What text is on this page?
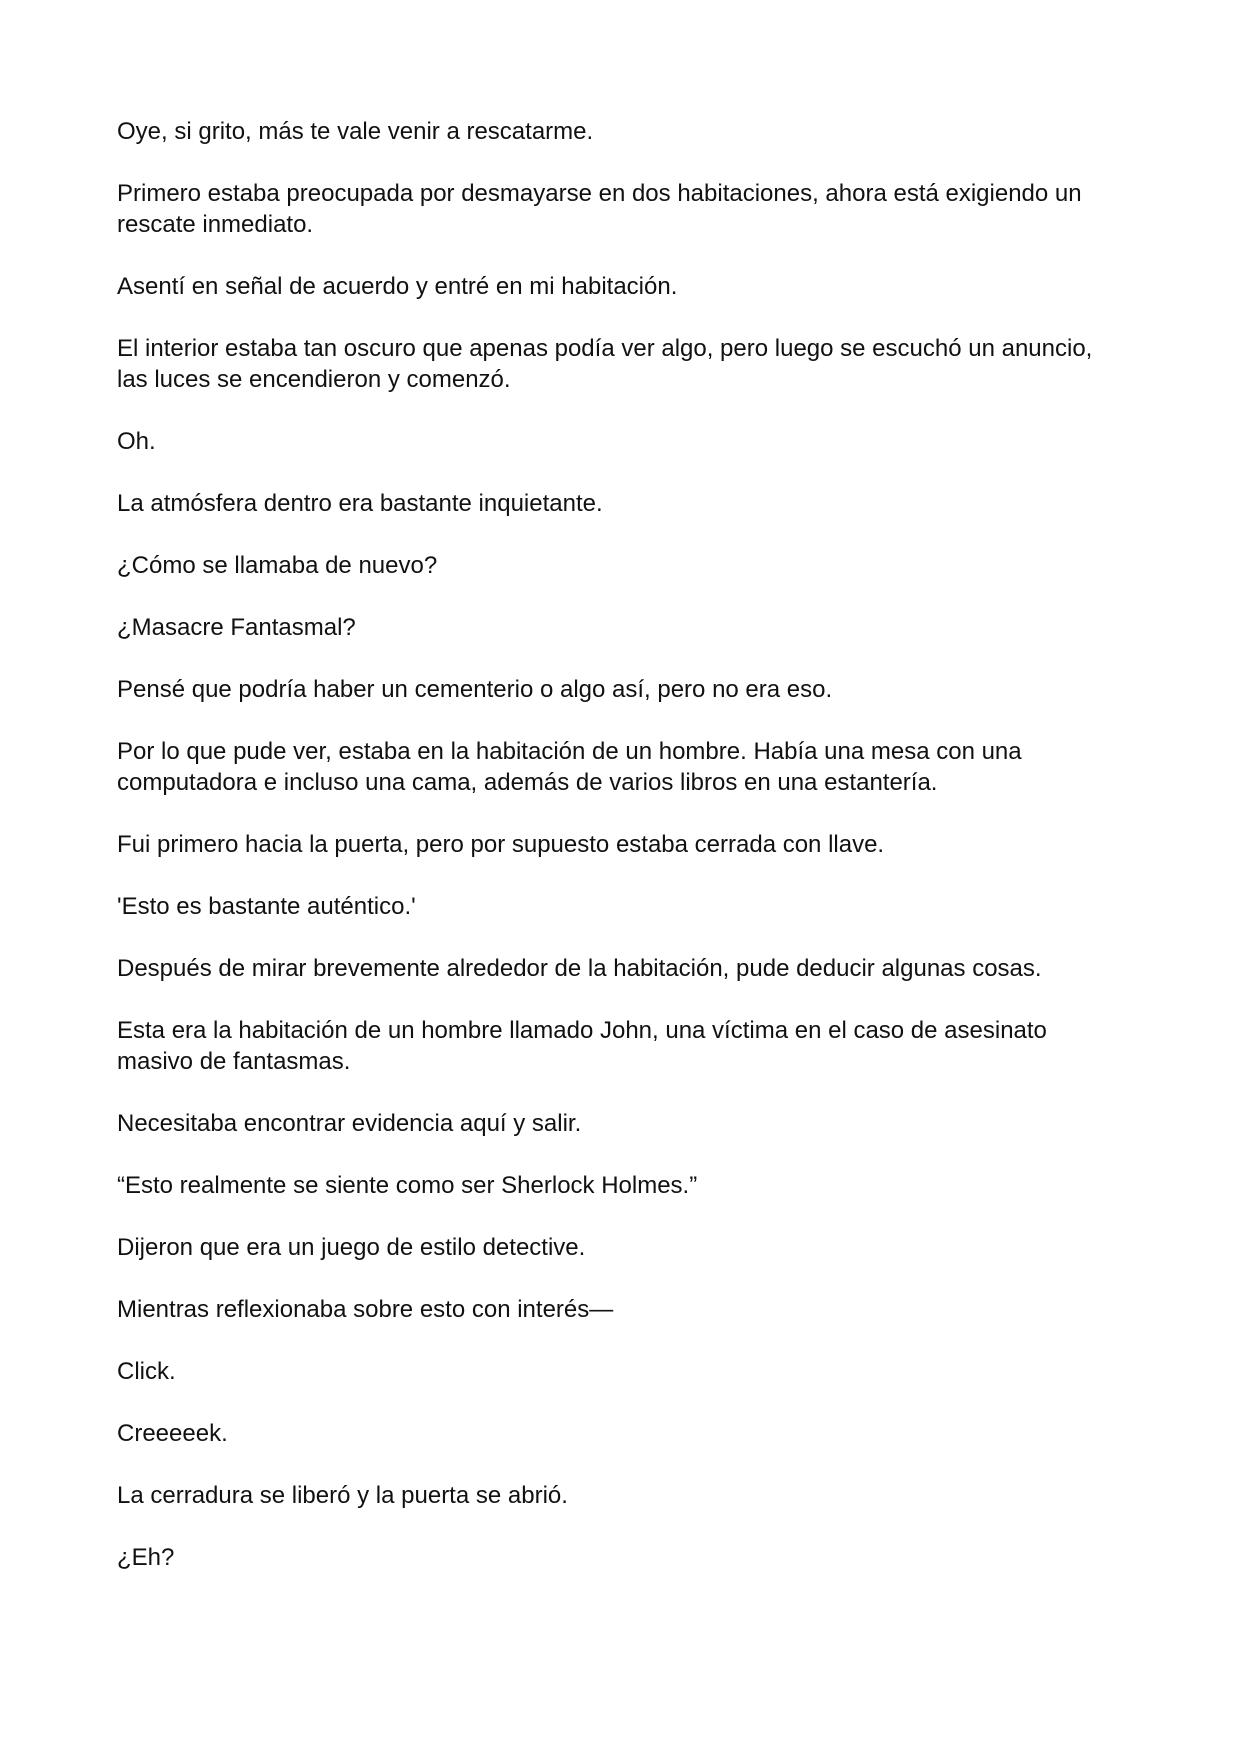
Oye, si grito, más te vale venir a rescatarme.

Primero estaba preocupada por desmayarse en dos habitaciones, ahora está exigiendo un rescate inmediato.

Asentí en señal de acuerdo y entré en mi habitación.

El interior estaba tan oscuro que apenas podía ver algo, pero luego se escuchó un anuncio, las luces se encendieron y comenzó.

Oh.

La atmósfera dentro era bastante inquietante.

¿Cómo se llamaba de nuevo?

¿Masacre Fantasmal?

Pensé que podría haber un cementerio o algo así, pero no era eso.

Por lo que pude ver, estaba en la habitación de un hombre. Había una mesa con una computadora e incluso una cama, además de varios libros en una estantería.

Fui primero hacia la puerta, pero por supuesto estaba cerrada con llave.

'Esto es bastante auténtico.'

Después de mirar brevemente alrededor de la habitación, pude deducir algunas cosas.

Esta era la habitación de un hombre llamado John, una víctima en el caso de asesinato masivo de fantasmas.

Necesitaba encontrar evidencia aquí y salir.

“Esto realmente se siente como ser Sherlock Holmes.”

Dijeron que era un juego de estilo detective.

Mientras reflexionaba sobre esto con interés—

Click.

Creeeeek.

La cerradura se liberó y la puerta se abrió.

¿Eh?
